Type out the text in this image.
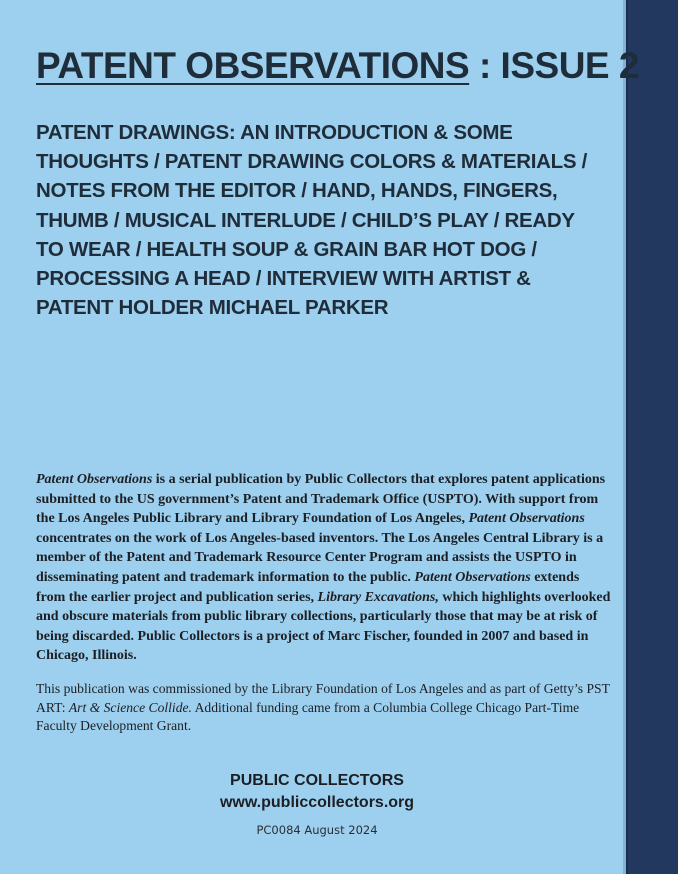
PATENT OBSERVATIONS : ISSUE 2

PATENT DRAWINGS: AN INTRODUCTION & SOME THOUGHTS / PATENT DRAWING COLORS & MATERIALS / NOTES FROM THE EDITOR / HAND, HANDS, FINGERS, THUMB / MUSICAL INTERLUDE / CHILD’S PLAY / READY TO WEAR / HEALTH SOUP & GRAIN BAR HOT DOG / PROCESSING A HEAD / INTERVIEW WITH ARTIST & PATENT HOLDER MICHAEL PARKER

Patent Observations is a serial publication by Public Collectors that explores patent applications submitted to the US government’s Patent and Trademark Office (USPTO). With support from the Los Angeles Public Library and Library Foundation of Los Angeles, Patent Observations concentrates on the work of Los Angeles-based inventors. The Los Angeles Central Library is a member of the Patent and Trademark Resource Center Program and assists the USPTO in disseminating patent and trademark information to the public. Patent Observations extends from the earlier project and publication series, Library Excavations, which highlights overlooked and obscure materials from public library collections, particularly those that may be at risk of being discarded. Public Collectors is a project of Marc Fischer, founded in 2007 and based in Chicago, Illinois.

This publication was commissioned by the Library Foundation of Los Angeles and as part of Getty’s PST ART: Art & Science Collide. Additional funding came from a Columbia College Chicago Part-Time Faculty Development Grant.

PUBLIC COLLECTORS
www.publiccollectors.org
PC0084 August 2024
